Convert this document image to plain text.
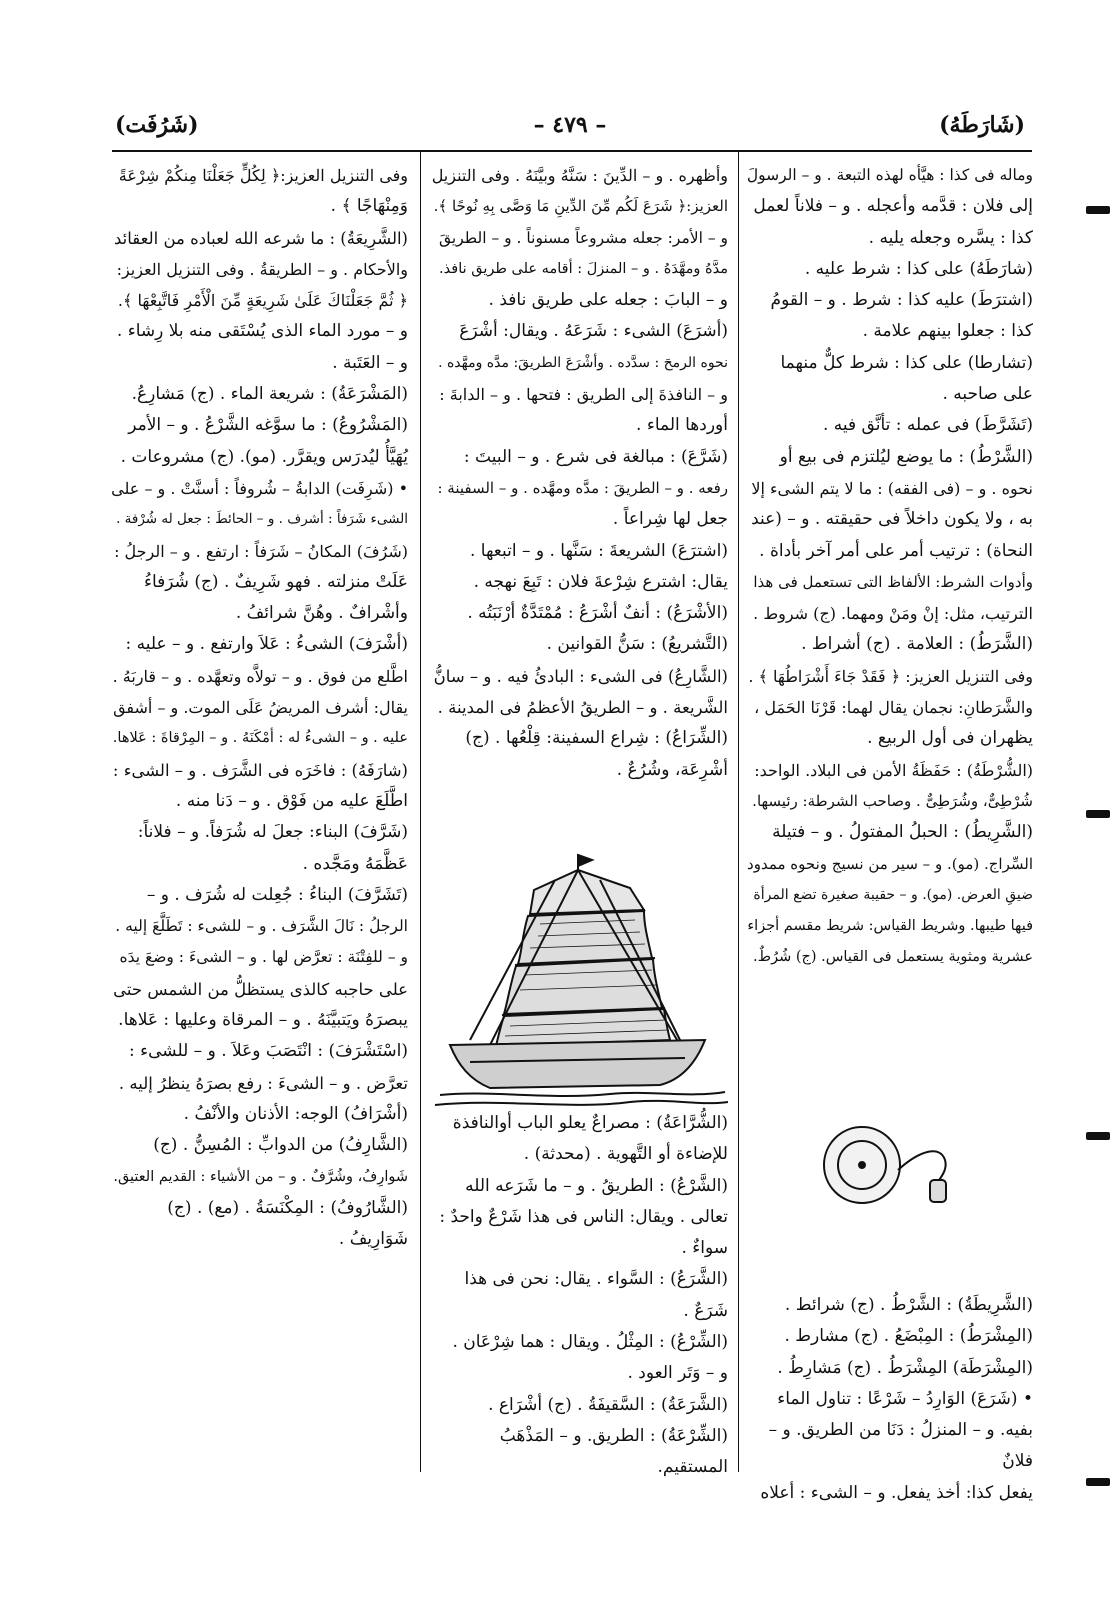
(شَارَطَهُ)
– ٤٧٩ –
(شَرُفَت)
وماله فى كذا : هيَّأه لهذه التبعة . و – الرسولَ
إلى فلان : قدَّمه وأعجله . و – فلاناً لعمل
كذا : يسَّره وجعله يليه .
(شارَطَهُ) على كذا : شرط عليه .
(اشترَطَ) عليه كذا : شرط . و – القومُ
كذا : جعلوا بينهم علامة .
(تشارطا) على كذا : شرط كلٌّ منهما
على صاحبه .
(تَشَرَّطَ) فى عمله : تأنَّق فيه .
(الشَّرْطُ) : ما يوضع ليُلتزم فى بيع أو
نحوه . و – (فى الفقه) : ما لا يتم الشىء إلا
به ، ولا يكون داخلاً فى حقيقته . و – (عند
النحاة) : ترتيب أمر على أمر آخر بأداة .
وأدوات الشرط: الألفاظ التى تستعمل فى هذا
الترتيب، مثل: إنْ ومَنْ ومهما. (ج) شروط .
(الشَّرَطُ) : العلامة . (ج) أشراط .
وفى التنزيل العزيز: ﴿ فَقَدْ جَاءَ أَشْرَاطُهَا ﴾ .
والشَّرَطانِ: نجمان يقال لهما: قَرْنَا الحَمَل ،
يظهران فى أول الربيع .
(الشُّرْطَةُ) : حَفَظَةُ الأمن فى البلاد. الواحد:
شُرْطِىٌّ، وشُرَطِىٌّ . وصاحب الشرطة: رئيسها.
(الشَّرِيطُ) : الحبلُ المفتولُ . و – فتيلة
السِّراج. (مو). و – سير من نسيج ونحوه ممدود
ضيقِ العرض. (مو). و – حقيبة صغيرة تضع المرأة
فيها طيبها. وشريط القياس: شريط مقسم أجزاء
عشرية ومثوية يستعمل فى القياس. (ج) شُرُطٌ.
(الشَّرِيطَةُ) : الشَّرْطُ . (ج) شرائط .
(المِشْرَطُ) : المِبْضَعُ . (ج) مشارط .
(المِشْرَطَة) المِشْرَطُ . (ج) مَشارِطُ .
• (شَرَعَ) الوَارِدُ – شَرْعًا : تناول الماء
بفيه. و – المنزلُ : دَنَا من الطريق. و – فلانٌ
يفعل كذا: أخذ يفعل. و – الشىء : أعلاه
وأظهره . و – الدِّينَ : سَنَّهُ وبيَّنَهُ . وفى التنزيل
العزيز:﴿ شَرَعَ لَكُم مِّنَ الدِّينِ مَا وَصَّى بِهِ نُوحًا ﴾.
و – الأمر: جعله مشروعاً مسنوناً . و – الطريقَ
مدَّهُ ومهَّدَهُ . و – المنزلَ : أقامه على طريق نافذ.
و – البابَ : جعله على طريق نافذ .
(أشرَعَ) الشىء : شَرَعَهُ . ويقال: أشْرَعَ
نحوه الرمحَ : سدَّده . وأشْرَعَ الطريقَ: مدَّه ومهَّده .
و – النافذةَ إلى الطريق : فتحها . و – الدابةَ :
أوردها الماء .
(شَرَّعَ) : مبالغة فى شرع . و – البيتَ :
رفعه . و – الطريقَ : مدَّه ومهَّده . و – السفينة :
جعل لها شِراعاً .
(اشترَعَ) الشريعةَ : سَنَّها . و – اتبعها .
يقال: اشترع شِرْعةَ فلان : تَبِعَ نهجه .
(الأشْرَعُ) : أنفٌ أشْرَعُ : مُمْتَدَّةٌ أرْنَبَتُه .
(التَّشريعُ) : سَنُّ القوانين .
(الشَّارِعُ) فى الشىء : البادئُ فيه . و – سانُّ
الشَّريعة . و – الطريقُ الأعظمُ فى المدينة .
(الشِّرَاعُ) : شِراع السفينة: قِلْعُها . (ج)
أشْرِعَة، وشُرُعٌ .
(الشُّرَّاعَةُ) : مصراعٌ يعلو الباب أوالنافذة
للإضاءة أو التَّهوية . (محدثة) .
(الشَّرْعُ) : الطريقُ . و – ما شَرَعه الله
تعالى . ويقال: الناس فى هذا شَرْعٌ واحدٌ : سواءٌ .
(الشَّرَعُ) : السَّواء . يقال: نحن فى هذا شَرَعٌ .
(الشِّرْعُ) : المِثْلُ . ويقال : هما شِرْعَان .
و – وَتَر العود .
(الشَّرَعَةُ) : السَّقيفَةُ . (ج) أشْرَاع .
(الشِّرْعَةُ) : الطريق. و – المَذْهَبُ المستقيم.
وفى التنزيل العزيز:﴿ لِكُلٍّ جَعَلْنَا مِنكُمْ شِرْعَةً
وَمِنْهَاجًا ﴾ .
(الشَّرِيعَةُ) : ما شرعه الله لعباده من العقائد
والأحكام . و – الطريقةُ . وفى التنزيل العزيز:
﴿ ثُمَّ جَعَلْنَاكَ عَلَىٰ شَرِيعَةٍ مِّنَ الْأَمْرِ فَاتَّبِعْهَا ﴾.
و – مورد الماء الذى يُسْتَقى منه بلا رِشاء .
و – العَتَبة .
(المَشْرَعَةُ) : شريعة الماء . (ج) مَشارِعُ.
(المَشْرُوعُ) : ما سوَّغه الشَّرْعُ . و – الأمر
يُهَيَّأُ ليُدرَس ويقرَّر. (مو). (ج) مشروعات .
• (شَرِفَت) الدابةُ – شُروفاً : أسنَّتْ . و – على
الشىء شَرَفاً : أشرف . و – الحائطَ : جعل له شُرْفة .
(شَرُفَ) المكانُ – شَرَفاً : ارتفع . و – الرجلُ :
عَلَتْ منزلته . فهو شَرِيفٌ . (ج) شُرَفاءُ
وأشْرافٌ . وهُنَّ شرائفُ .
(أشْرَفَ) الشىءُ : عَلاَ وارتفع . و – عليه :
اطَّلع من فوق . و – تولاَّه وتعهَّده . و – قاربَهُ .
يقال: أشرف المريضُ عَلَى الموت. و – أشفق
عليه . و – الشىءُ له : أمْكَنَهُ . و – المِرْقاةَ : عَلاها.
(شارَفَهُ) : فاخَرَه فى الشَّرَف . و – الشىء :
اطَّلَعَ عليه من فَوْق . و – دَنا منه .
(شَرَّفَ) البناء: جعلَ له شُرَفاً. و – فلاناً:
عَظَّمَهُ ومَجَّده .
(تَشَرَّفَ) البناءُ : جُعِلت له شُرَف . و –
الرجلُ : نَالَ الشَّرَف . و – للشىء : تَطَلَّعَ إليه .
و – للفِتْنَة : تعرَّض لها . و – الشىءَ : وضعَ يدَه
على حاجبه كالذى يستظلُّ من الشمس حتى
يبصرَهُ ويَتبيَّنَهُ . و – المرقاة وعليها : عَلاها.
(اسْتَشْرَفَ) : انْتَصَبَ وعَلاَ . و – للشىء :
تعرَّض . و – الشىءَ : رفع بصرَهُ ينظرُ إليه .
(أشْرَافُ) الوجه: الأذنان والأنْفُ .
(الشَّارِفُ) من الدوابِّ : المُسِنُّ . (ج)
شَوارِفُ، وشُرَّفٌ . و – من الأشياء : القديم العتيق.
(الشَّارُوفُ) : المِكْنَسَةُ . (مع) . (ج)
شَوَارِيفُ .
